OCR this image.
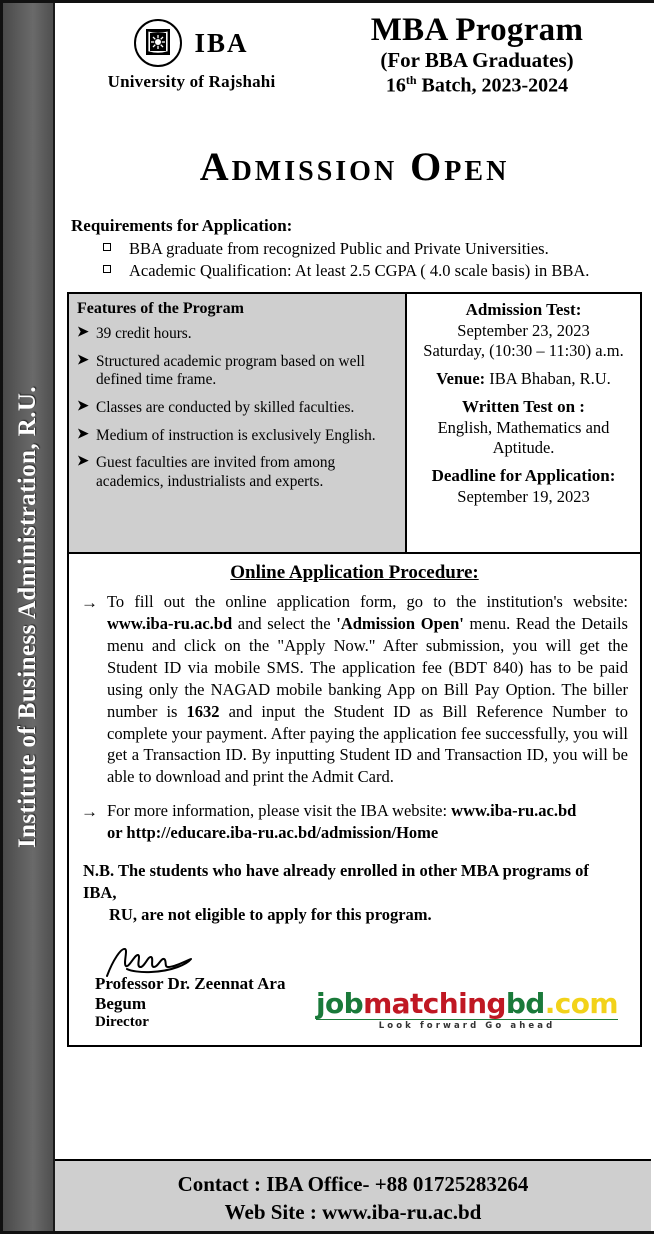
Institute of Business Administration, R.U.
IBA
University of Rajshahi
MBA Program
(For BBA Graduates)
16th Batch, 2023-2024
Admission Open
Requirements for Application:
BBA graduate from recognized Public and Private Universities.
Academic Qualification: At least 2.5 CGPA ( 4.0 scale basis) in BBA.
Features of the Program
➤ 39 credit hours.
➤ Structured academic program based on well defined time frame.
➤ Classes are conducted by skilled faculties.
➤ Medium of instruction is exclusively English.
➤ Guest faculties are invited from among academics, industrialists and experts.
Admission Test:
September 23, 2023
Saturday, (10:30 – 11:30) a.m.
Venue: IBA Bhaban, R.U.
Written Test on :
English, Mathematics and
Aptitude.
Deadline for Application:
September 19, 2023
Online Application Procedure:
→ To fill out the online application form, go to the institution's website: www.iba-ru.ac.bd and select the 'Admission Open' menu. Read the Details menu and click on the "Apply Now." After submission, you will get the Student ID via mobile SMS. The application fee (BDT 840) has to be paid using only the NAGAD mobile banking App on Bill Pay Option. The biller number is 1632 and input the Student ID as Bill Reference Number to complete your payment. After paying the application fee successfully, you will get a Transaction ID. By inputting Student ID and Transaction ID, you will be able to download and print the Admit Card.
→ For more information, please visit the IBA website: www.iba-ru.ac.bd
or http://educare.iba-ru.ac.bd/admission/Home
N.B. The students who have already enrolled in other MBA programs of IBA,
RU, are not eligible to apply for this program.
Professor Dr. Zeennat Ara Begum
Director
jobmatchingbd.com
Look forward Go ahead
Contact : IBA Office- +88 01725283264
Web Site : www.iba-ru.ac.bd
